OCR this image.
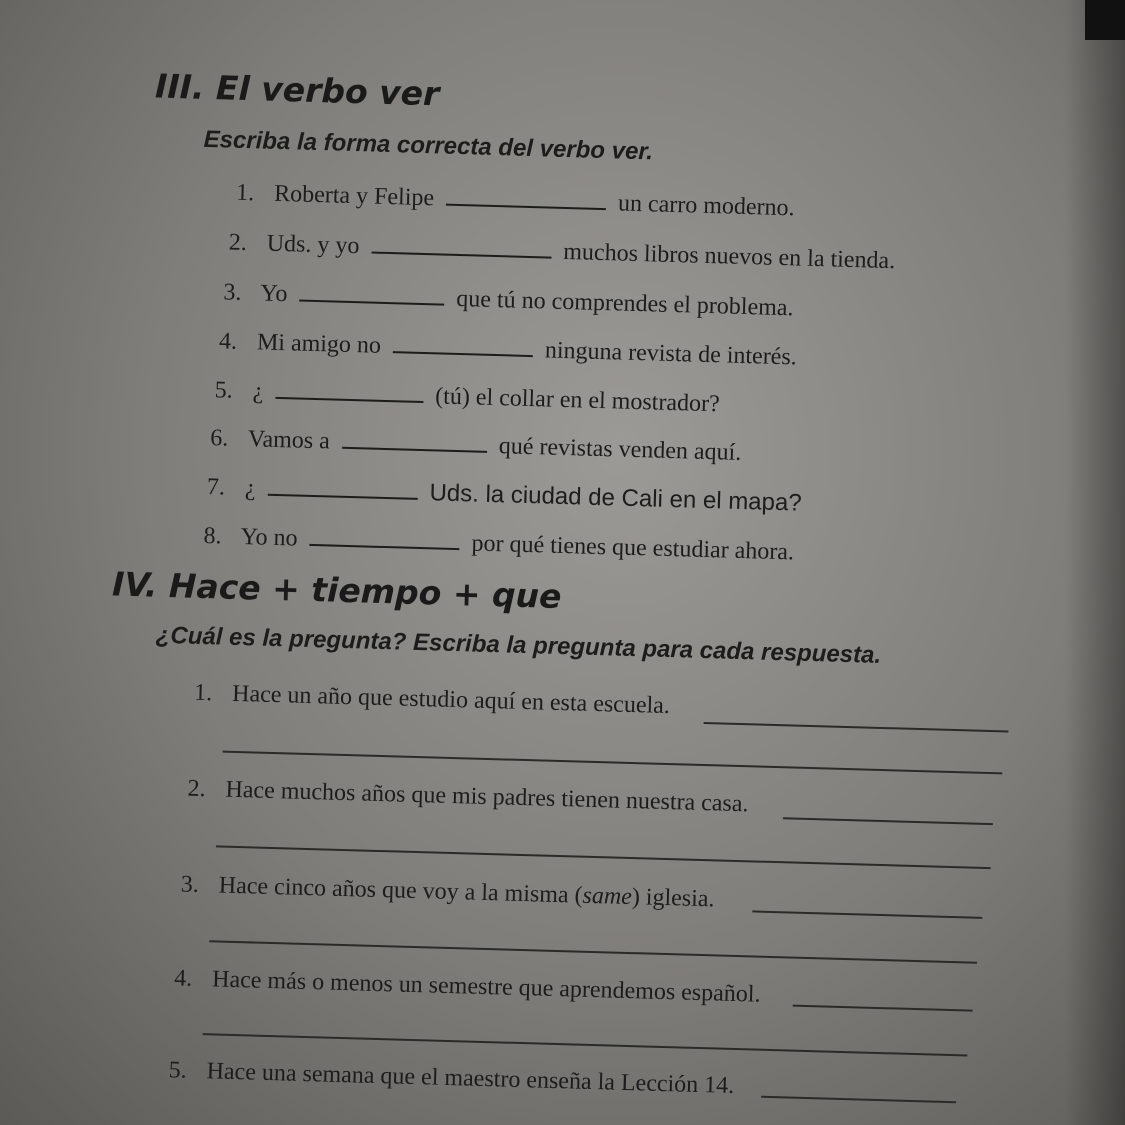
III. El verbo ver
Escriba la forma correcta del verbo ver.
1. Roberta y Felipe	un carro moderno.
2. Uds. y yo	muchos libros nuevos en la tienda.
3. Yo	que tú no comprendes el problema.
4. Mi amigo no	ninguna revista de interés.
5. ¿	(tú) el collar en el mostrador?
6. Vamos a	qué revistas venden aquí.
7. ¿	Uds. la ciudad de Cali en el mapa?
8. Yo no	por qué tienes que estudiar ahora.
IV. Hace + tiempo + que
¿Cuál es la pregunta? Escriba la pregunta para cada respuesta.
1. Hace un año que estudio aquí en esta escuela.
2. Hace muchos años que mis padres tienen nuestra casa.
3. Hace cinco años que voy a la misma (same) iglesia.
4. Hace más o menos un semestre que aprendemos español.
5. Hace una semana que el maestro enseña la Lección 14.
